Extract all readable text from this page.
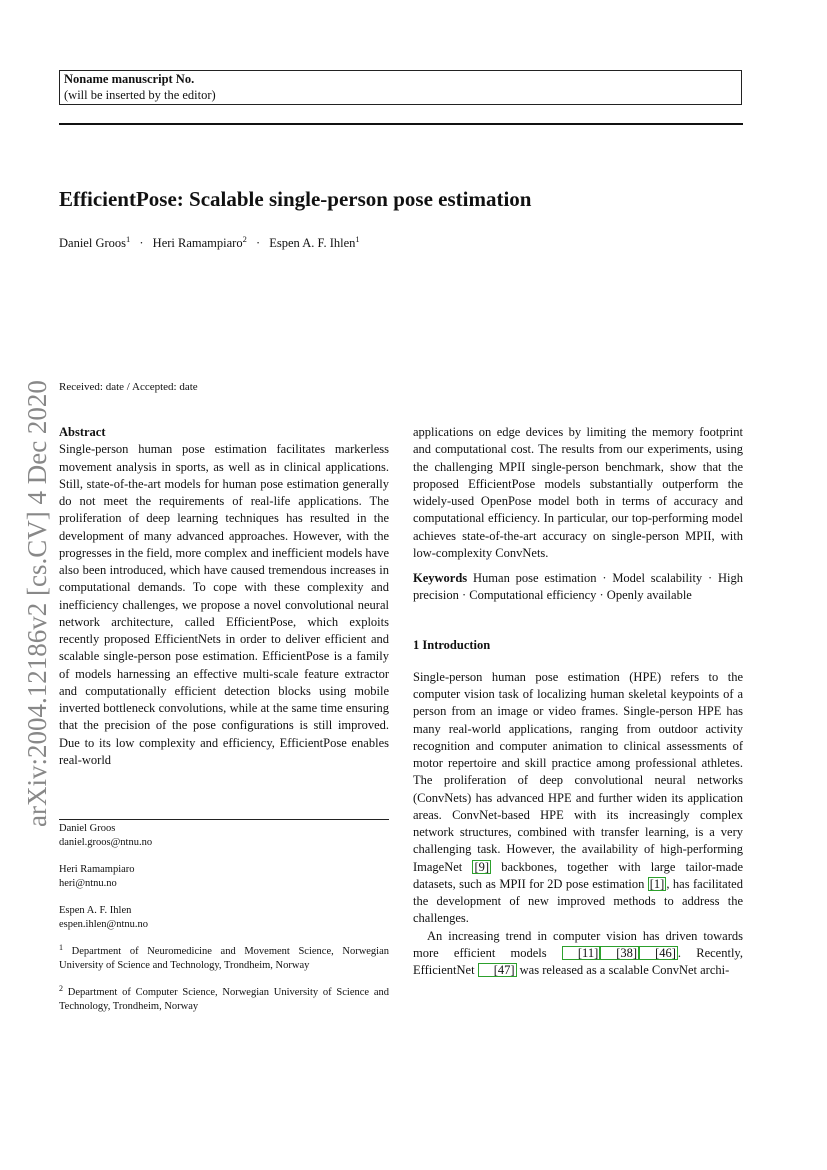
Noname manuscript No.
(will be inserted by the editor)
EfficientPose: Scalable single-person pose estimation
Daniel Groos$^1$ · Heri Ramampiaro$^2$ · Espen A. F. Ihlen$^1$
arXiv:2004.12186v2 [cs.CV] 4 Dec 2020 Received: date / Accepted: date
Abstract

Single-person human pose estimation facilitates markerless movement analysis in sports, as well as in clinical applications. Still, state-of-the-art models for human pose estimation generally do not meet the requirements of real-life applications. The proliferation of deep learning techniques has resulted in the development of many advanced approaches. However, with the progresses in the field, more complex and inefficient models have also been introduced, which have caused tremendous increases in computational demands. To cope with these complexity and inefficiency challenges, we propose a novel convolutional neural network architecture, called EfficientPose, which exploits recently proposed EfficientNets in order to deliver efficient and scalable single-person pose estimation. EfficientPose is a family of models harnessing an effective multi-scale feature extractor and computationally efficient detection blocks using mobile inverted bottleneck convolutions, while at the same time ensuring that the precision of the pose configurations is still improved. Due to its low complexity and efficiency, EfficientPose enables real-world

Daniel Groos
daniel.groos@ntnu.no
Heri Ramampiaro
heri@ntnu.no
Espen A. F. Ihlen
espen.ihlen@ntnu.no
$^1$ Department of Neuromedicine and Movement Science, Norwegian University of Science and Technology, Trondheim, Norway
$^2$ Department of Computer Science, Norwegian University of Science and Technology, Trondheim, Norway

applications on edge devices by limiting the memory footprint and computational cost. The results from our experiments, using the challenging MPII single-person benchmark, show that the proposed EfficientPose models substantially outperform the widely-used OpenPose model both in terms of accuracy and computational efficiency. In particular, our top-performing model achieves state-of-the-art accuracy on single-person MPII, with low-complexity ConvNets.

Keywords Human pose estimation · Model scalability · High precision · Computational efficiency · Openly available

1 Introduction

Single-person human pose estimation (HPE) refers to the computer vision task of localizing human skeletal keypoints of a person from an image or video frames. Single-person HPE has many real-world applications, ranging from outdoor activity recognition and computer animation to clinical assessments of motor repertoire and skill practice among professional athletes. The proliferation of deep convolutional neural networks (ConvNets) has advanced HPE and further widen its application areas. ConvNet-based HPE with its increasingly complex network structures, combined with transfer learning, is a very challenging task. However, the availability of high-performing ImageNet [9] backbones, together with large tailor-made datasets, such as MPII for 2D pose estimation [1] , has facilitated the development of new improved methods to address the challenges.

An increasing trend in computer vision has driven towards more efficient models [11] [38] [46] . Recently, EfficientNet [47] was released as a scalable ConvNet archi-
